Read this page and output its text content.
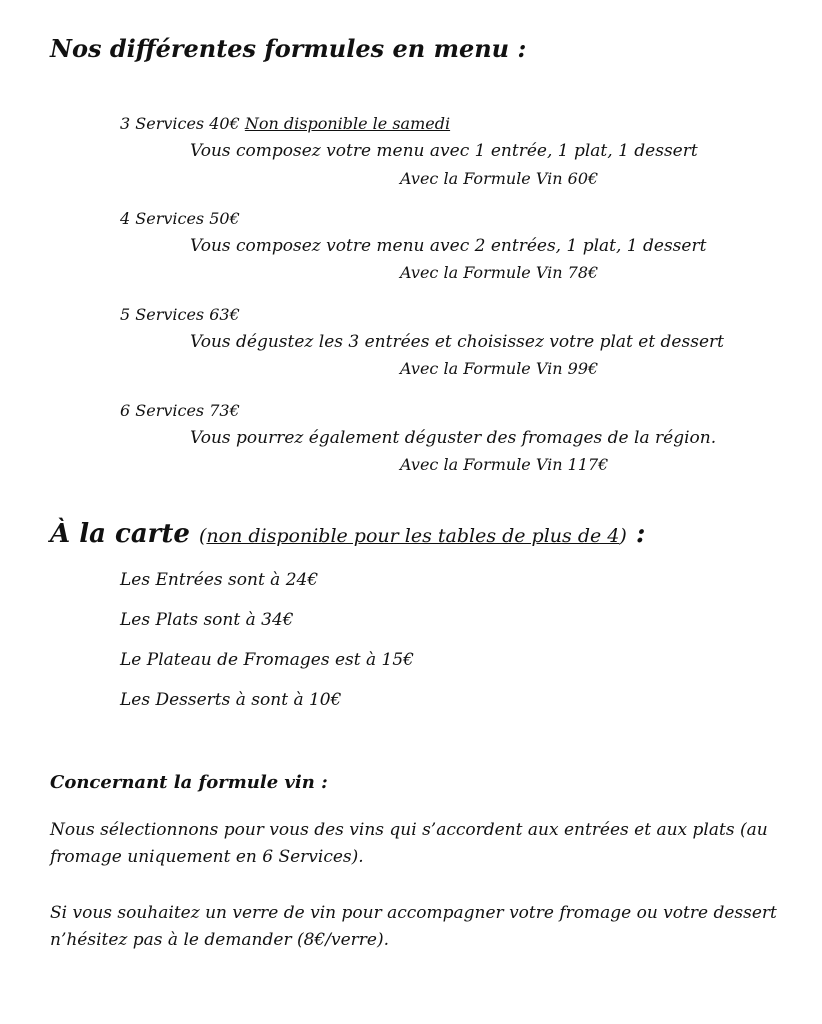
Nos différentes formules en menu :
3 Services 40€ Non disponible le samedi
Vous composez votre menu avec 1 entrée, 1 plat, 1 dessert
Avec la Formule Vin 60€
4 Services 50€
Vous composez votre menu avec 2 entrées, 1 plat, 1 dessert
Avec la Formule Vin 78€
5 Services 63€
Vous dégustez les 3 entrées et choisissez votre plat et dessert
Avec la Formule Vin 99€
6 Services 73€
Vous pourrez également déguster des fromages de la région.
Avec la Formule Vin 117€
À la carte (non disponible pour les tables de plus de 4) :
Les Entrées sont à 24€
Les Plats sont à 34€
Le Plateau de Fromages est à 15€
Les Desserts à sont à 10€
Concernant la formule vin :
Nous sélectionnons pour vous des vins qui s’accordent aux entrées et aux plats (au fromage uniquement en 6 Services).
Si vous souhaitez un verre de vin pour accompagner votre fromage ou votre dessert n’hésitez pas à le demander (8€/verre).
